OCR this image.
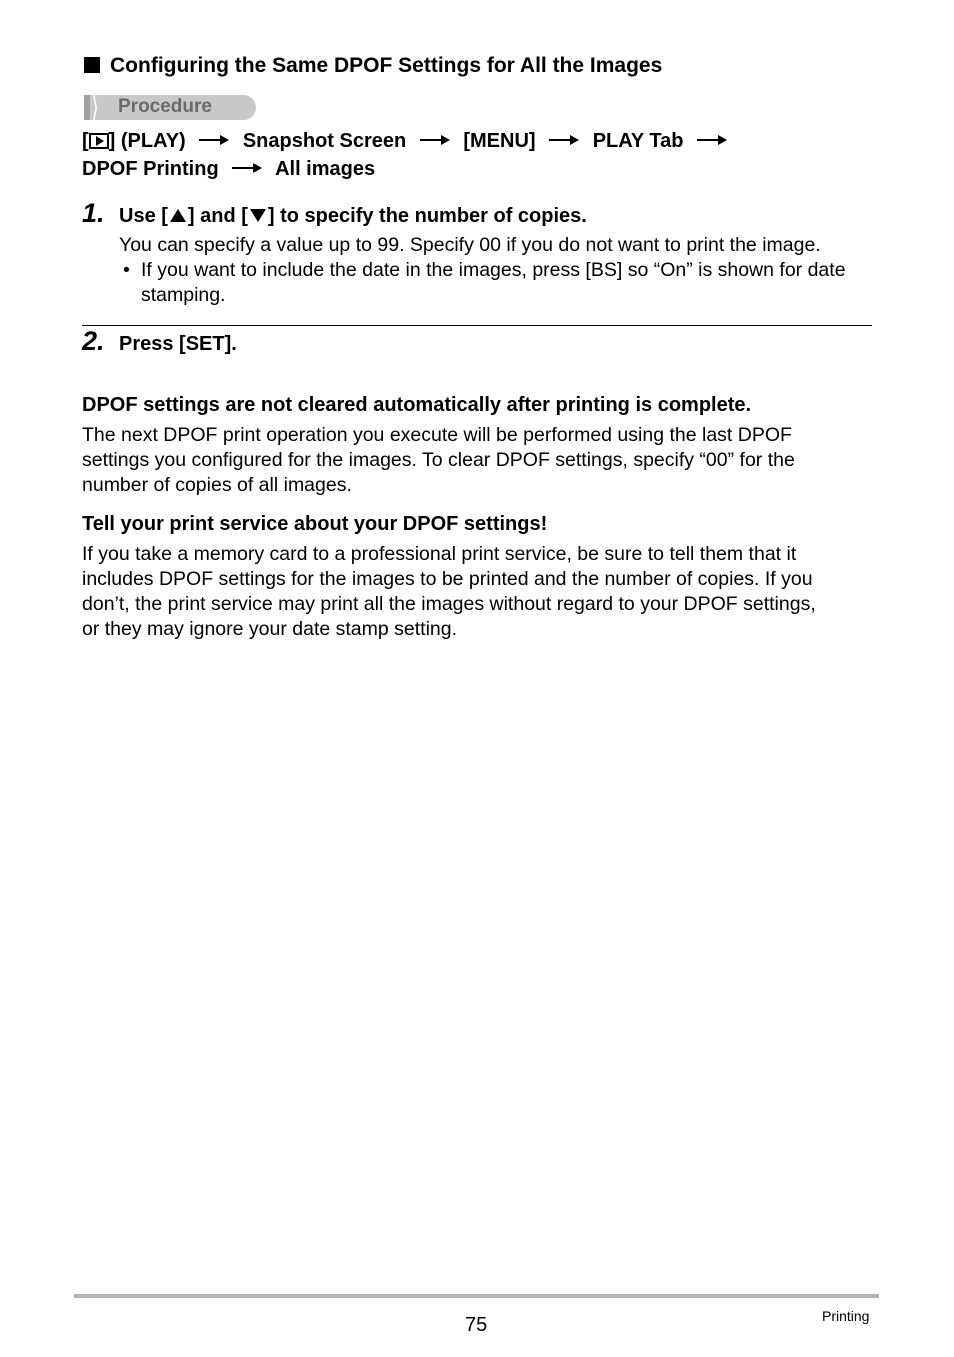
Configuring the Same DPOF Settings for All the Images
Procedure
[ ] (PLAY)	Snapshot Screen	[MENU]	PLAY Tab
DPOF Printing	All images
1. Use [ ] and [ ] to specify the number of copies.
You can specify a value up to 99. Specify 00 if you do not want to print the image.
• If you want to include the date in the images, press [BS] so “On” is shown for date stamping.
2. Press [SET].
DPOF settings are not cleared automatically after printing is complete.
The next DPOF print operation you execute will be performed using the last DPOF
settings you configured for the images. To clear DPOF settings, specify “00” for the
number of copies of all images.
Tell your print service about your DPOF settings!
If you take a memory card to a professional print service, be sure to tell them that it
includes DPOF settings for the images to be printed and the number of copies. If you
don’t, the print service may print all the images without regard to your DPOF settings,
or they may ignore your date stamp setting.
75	Printing
